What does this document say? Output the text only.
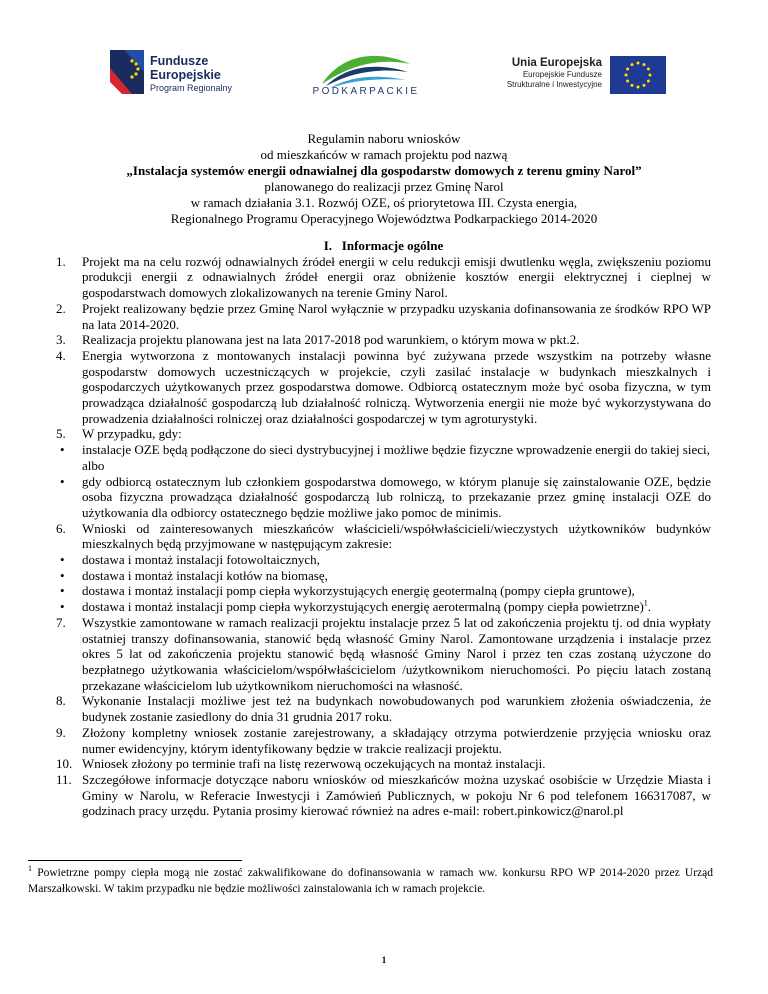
Fundusze
Europejskie
Program Regionalny	PODKARPACKIE
Unia Europejska
Europejskie Fundusze
Strukturalne i Inwestycyjne
Regulamin naboru wniosków
od mieszkańców w ramach projektu pod nazwą
„Instalacja systemów energii odnawialnej dla gospodarstw domowych z terenu gminy Narol”
planowanego do realizacji przez Gminę Narol
w ramach działania 3.1. Rozwój OZE, oś priorytetowa III. Czysta energia,
Regionalnego Programu Operacyjnego Województwa Podkarpackiego 2014-2020
I. Informacje ogólne
1. Projekt ma na celu rozwój odnawialnych źródeł energii w celu redukcji emisji dwutlenku węgla, zwiększeniu poziomu produkcji energii z odnawialnych źródeł energii oraz obniżenie kosztów energii elektrycznej i cieplnej w gospodarstwach domowych zlokalizowanych na terenie Gminy Narol.
2. Projekt realizowany będzie przez Gminę Narol wyłącznie w przypadku uzyskania dofinansowania ze środków RPO WP na lata 2014-2020.
3. Realizacja projektu planowana jest na lata 2017-2018 pod warunkiem, o którym mowa w pkt.2.
4. Energia wytworzona z montowanych instalacji powinna być zużywana przede wszystkim na potrzeby własne gospodarstw domowych uczestniczących w projekcie, czyli zasilać instalacje w budynkach mieszkalnych i gospodarczych użytkowanych przez gospodarstwa domowe. Odbiorcą ostatecznym może być osoba fizyczna, w tym prowadząca działalność gospodarczą lub działalność rolniczą. Wytworzenia energii nie może być wykorzystywana do prowadzenia działalności rolniczej oraz działalności gospodarczej w tym agroturystyki.
5. W przypadku, gdy:
• instalacje OZE będą podłączone do sieci dystrybucyjnej i możliwe będzie fizyczne wprowadzenie energii do takiej sieci,
albo
• gdy odbiorcą ostatecznym lub członkiem gospodarstwa domowego, w którym planuje się zainstalowanie OZE, będzie osoba fizyczna prowadząca działalność gospodarczą lub rolniczą, to przekazanie przez gminę instalacji OZE do użytkowania dla odbiorcy ostatecznego będzie możliwe jako pomoc de minimis.
6. Wnioski od zainteresowanych mieszkańców właścicieli/współwłaścicieli/wieczystych użytkowników budynków mieszkalnych będą przyjmowane w następującym zakresie:
• dostawa i montaż instalacji fotowoltaicznych,
• dostawa i montaż instalacji kotłów na biomasę,
• dostawa i montaż instalacji pomp ciepła wykorzystujących energię geotermalną (pompy ciepła gruntowe),
• dostawa i montaż instalacji pomp ciepła wykorzystujących energię aerotermalną (pompy ciepła powietrzne)$^1$.
7. Wszystkie zamontowane w ramach realizacji projektu instalacje przez 5 lat od zakończenia projektu tj. od dnia wypłaty ostatniej transzy dofinansowania, stanowić będą własność Gminy Narol. Zamontowane urządzenia i instalacje przez okres 5 lat od zakończenia projektu stanowić będą własność Gminy Narol i przez ten czas zostaną użyczone do bezpłatnego użytkowania właścicielom/współwłaścicielom /użytkownikom nieruchomości. Po pięciu latach zostaną przekazane właścicielom lub użytkownikom nieruchomości na własność.
8. Wykonanie Instalacji możliwe jest też na budynkach nowobudowanych pod warunkiem złożenia oświadczenia, że budynek zostanie zasiedlony do dnia 31 grudnia 2017 roku.
9. Złożony kompletny wniosek zostanie zarejestrowany, a składający otrzyma potwierdzenie przyjęcia wniosku oraz numer ewidencyjny, którym identyfikowany będzie w trakcie realizacji projektu.
10. Wniosek złożony po terminie trafi na listę rezerwową oczekujących na montaż instalacji.
11. Szczegółowe informacje dotyczące naboru wniosków od mieszkańców można uzyskać osobiście w Urzędzie Miasta i Gminy w Narolu, w Referacie Inwestycji i Zamówień Publicznych, w pokoju Nr 6 pod telefonem 166317087, w godzinach pracy urzędu. Pytania prosimy kierować również na adres e-mail: robert.pinkowicz@narol.pl
$^1$ Powietrzne pompy ciepła mogą nie zostać zakwalifikowane do dofinansowania w ramach ww. konkursu RPO WP 2014-2020 przez Urząd Marszałkowski. W takim przypadku nie będzie możliwości zainstalowania ich w ramach projekcie.
1
